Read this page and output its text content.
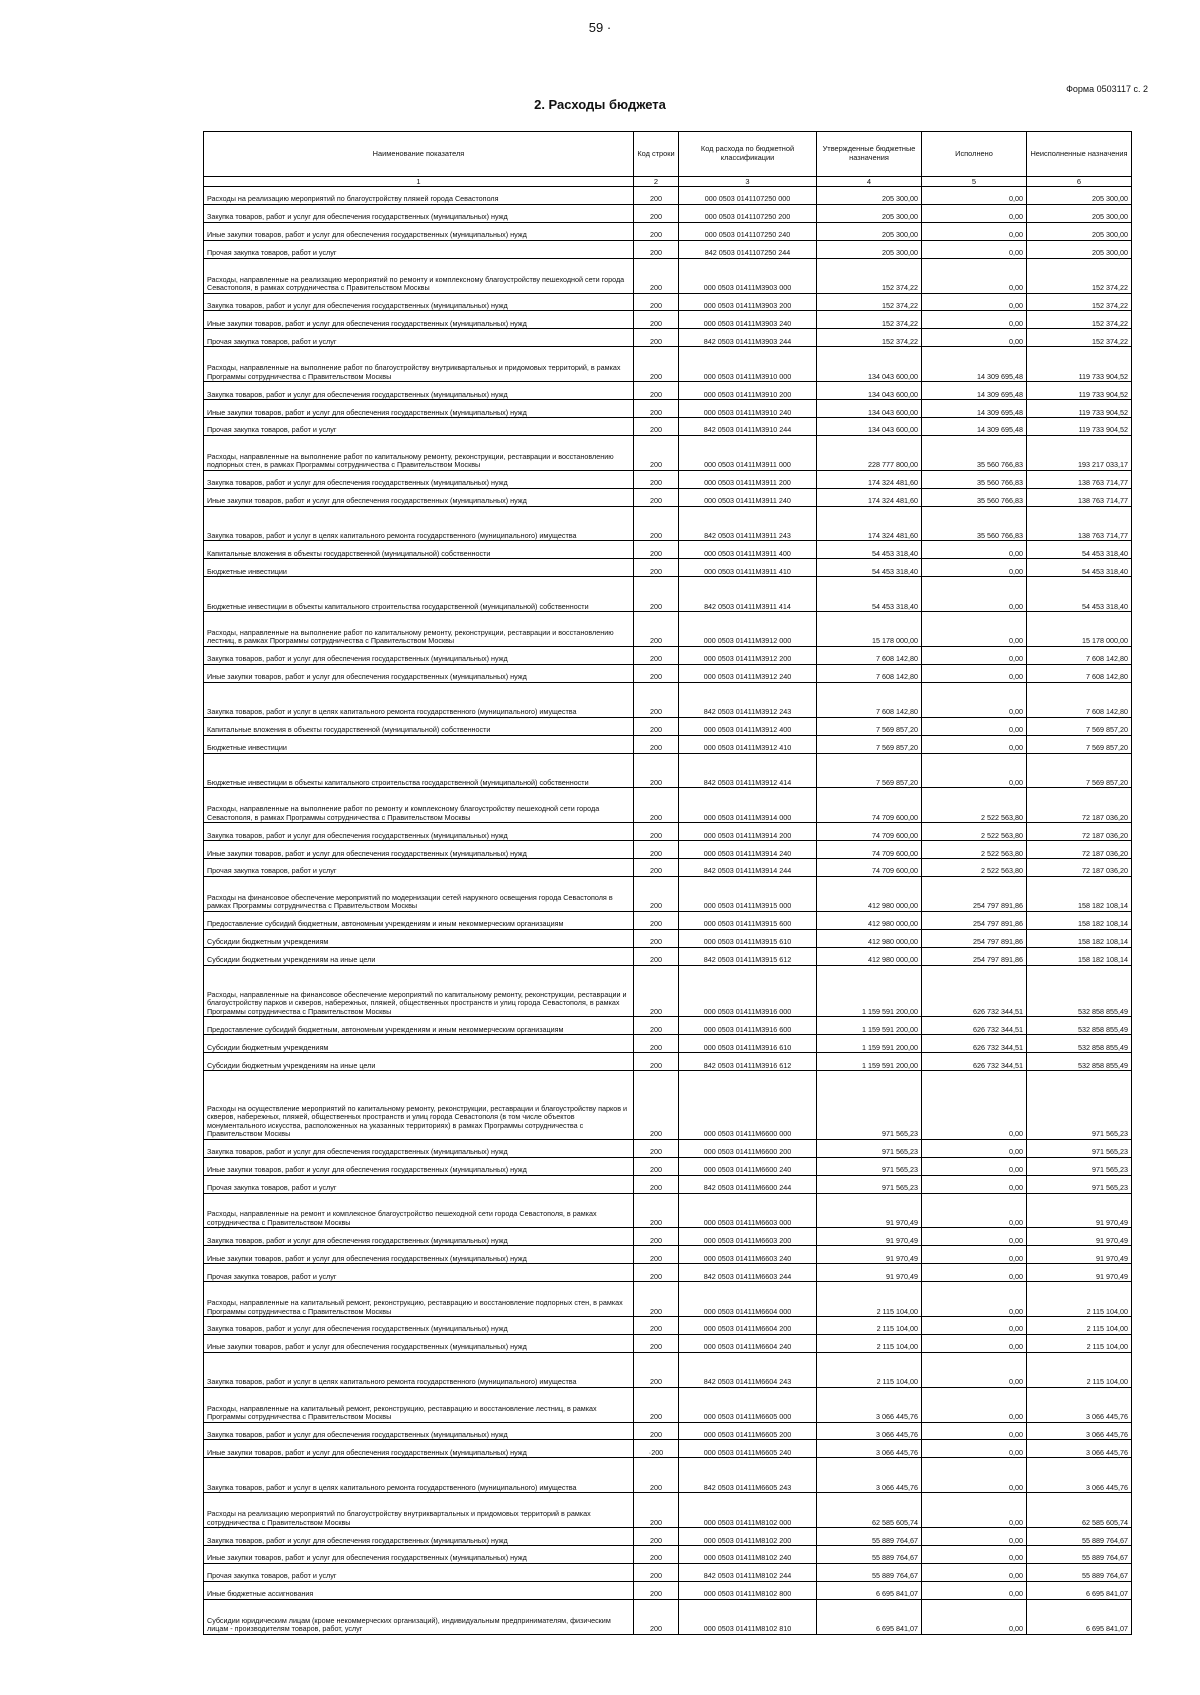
59 ·
Форма 0503117 с. 2
2. Расходы бюджета
Наименование показателя	Код строки	Код расхода по бюджетной классификации	Утвержденные бюджетные назначения	Исполнено	Неисполненные назначения
1	2	3	4	5	6
Расходы на реализацию мероприятий по благоустройству пляжей города Севастополя	200	000 0503 0141107250 000	205 300,00	0,00	205 300,00
Закупка товаров, работ и услуг для обеспечения государственных (муниципальных) нужд	200	000 0503 0141107250 200	205 300,00	0,00	205 300,00
Иные закупки товаров, работ и услуг для обеспечения государственных (муниципальных) нужд	200	000 0503 0141107250 240	205 300,00	0,00	205 300,00
Прочая закупка товаров, работ и услуг	200	842 0503 0141107250 244	205 300,00	0,00	205 300,00
Расходы, направленные на реализацию мероприятий по ремонту и комплексному благоустройству пешеходной сети города Севастополя, в рамках сотрудничества с Правительством Москвы	200	000 0503 01411М3903 000	152 374,22	0,00	152 374,22
Закупка товаров, работ и услуг для обеспечения государственных (муниципальных) нужд	200	000 0503 01411М3903 200	152 374,22	0,00	152 374,22
Иные закупки товаров, работ и услуг для обеспечения государственных (муниципальных) нужд	200	000 0503 01411М3903 240	152 374,22	0,00	152 374,22
Прочая закупка товаров, работ и услуг	200	842 0503 01411М3903 244	152 374,22	0,00	152 374,22
Расходы, направленные на выполнение работ по благоустройству внутриквартальных и придомовых территорий, в рамках Программы сотрудничества с Правительством Москвы	200	000 0503 01411М3910 000	134 043 600,00	14 309 695,48	119 733 904,52
Закупка товаров, работ и услуг для обеспечения государственных (муниципальных) нужд	200	000 0503 01411М3910 200	134 043 600,00	14 309 695,48	119 733 904,52
Иные закупки товаров, работ и услуг для обеспечения государственных (муниципальных) нужд	200	000 0503 01411М3910 240	134 043 600,00	14 309 695,48	119 733 904,52
Прочая закупка товаров, работ и услуг	200	842 0503 01411М3910 244	134 043 600,00	14 309 695,48	119 733 904,52
Расходы, направленные на выполнение работ по капитальному ремонту, реконструкции, реставрации и восстановлению подпорных стен, в рамках Программы сотрудничества с Правительством Москвы	200	000 0503 01411М3911 000	228 777 800,00	35 560 766,83	193 217 033,17
Закупка товаров, работ и услуг для обеспечения государственных (муниципальных) нужд	200	000 0503 01411М3911 200	174 324 481,60	35 560 766,83	138 763 714,77
Иные закупки товаров, работ и услуг для обеспечения государственных (муниципальных) нужд	200	000 0503 01411М3911 240	174 324 481,60	35 560 766,83	138 763 714,77
Закупка товаров, работ и услуг в целях капитального ремонта государственного (муниципального) имущества	200	842 0503 01411М3911 243	174 324 481,60	35 560 766,83	138 763 714,77
Капитальные вложения в объекты государственной (муниципальной) собственности	200	000 0503 01411М3911 400	54 453 318,40	0,00	54 453 318,40
Бюджетные инвестиции	200	000 0503 01411М3911 410	54 453 318,40	0,00	54 453 318,40
Бюджетные инвестиции в объекты капитального строительства государственной (муниципальной) собственности	200	842 0503 01411М3911 414	54 453 318,40	0,00	54 453 318,40
Расходы, направленные на выполнение работ по капитальному ремонту, реконструкции, реставрации и восстановлению лестниц, в рамках Программы сотрудничества с Правительством Москвы	200	000 0503 01411М3912 000	15 178 000,00	0,00	15 178 000,00
Закупка товаров, работ и услуг для обеспечения государственных (муниципальных) нужд	200	000 0503 01411М3912 200	7 608 142,80	0,00	7 608 142,80
Иные закупки товаров, работ и услуг для обеспечения государственных (муниципальных) нужд	200	000 0503 01411М3912 240	7 608 142,80	0,00	7 608 142,80
Закупка товаров, работ и услуг в целях капитального ремонта государственного (муниципального) имущества	200	842 0503 01411М3912 243	7 608 142,80	0,00	7 608 142,80
Капитальные вложения в объекты государственной (муниципальной) собственности	200	000 0503 01411М3912 400	7 569 857,20	0,00	7 569 857,20
Бюджетные инвестиции	200	000 0503 01411М3912 410	7 569 857,20	0,00	7 569 857,20
Бюджетные инвестиции в объекты капитального строительства государственной (муниципальной) собственности	200	842 0503 01411М3912 414	7 569 857,20	0,00	7 569 857,20
Расходы, направленные на выполнение работ по ремонту и комплексному благоустройству пешеходной сети города Севастополя, в рамках Программы сотрудничества с Правительством Москвы	200	000 0503 01411М3914 000	74 709 600,00	2 522 563,80	72 187 036,20
Закупка товаров, работ и услуг для обеспечения государственных (муниципальных) нужд	200	000 0503 01411М3914 200	74 709 600,00	2 522 563,80	72 187 036,20
Иные закупки товаров, работ и услуг для обеспечения государственных (муниципальных) нужд	200	000 0503 01411М3914 240	74 709 600,00	2 522 563,80	72 187 036,20
Прочая закупка товаров, работ и услуг	200	842 0503 01411М3914 244	74 709 600,00	2 522 563,80	72 187 036,20
Расходы на финансовое обеспечение мероприятий по модернизации сетей наружного освещения города Севастополя в рамках Программы сотрудничества с Правительством Москвы	200	000 0503 01411М3915 000	412 980 000,00	254 797 891,86	158 182 108,14
Предоставление субсидий бюджетным, автономным учреждениям и иным некоммерческим организациям	200	000 0503 01411М3915 600	412 980 000,00	254 797 891,86	158 182 108,14
Субсидии бюджетным учреждениям	200	000 0503 01411М3915 610	412 980 000,00	254 797 891,86	158 182 108,14
Субсидии бюджетным учреждениям на иные цели	200	842 0503 01411М3915 612	412 980 000,00	254 797 891,86	158 182 108,14
Расходы, направленные на финансовое обеспечение мероприятий по капитальному ремонту, реконструкции, реставрации и благоустройству парков и скверов, набережных, пляжей, общественных пространств и улиц города Севастополя, в рамках Программы сотрудничества с Правительством Москвы	200	000 0503 01411М3916 000	1 159 591 200,00	626 732 344,51	532 858 855,49
Предоставление субсидий бюджетным, автономным учреждениям и иным некоммерческим организациям	200	000 0503 01411М3916 600	1 159 591 200,00	626 732 344,51	532 858 855,49
Субсидии бюджетным учреждениям	200	000 0503 01411М3916 610	1 159 591 200,00	626 732 344,51	532 858 855,49
Субсидии бюджетным учреждениям на иные цели	200	842 0503 01411М3916 612	1 159 591 200,00	626 732 344,51	532 858 855,49
Расходы на осуществление мероприятий по капитальному ремонту, реконструкции, реставрации и благоустройству парков и скверов, набережных, пляжей, общественных пространств и улиц города Севастополя (в том числе объектов монументального искусства, расположенных на указанных территориях) в рамках Программы сотрудничества с Правительством Москвы	200	000 0503 01411М6600 000	971 565,23	0,00	971 565,23
Закупка товаров, работ и услуг для обеспечения государственных (муниципальных) нужд	200	000 0503 01411М6600 200	971 565,23	0,00	971 565,23
Иные закупки товаров, работ и услуг для обеспечения государственных (муниципальных) нужд	200	000 0503 01411М6600 240	971 565,23	0,00	971 565,23
Прочая закупка товаров, работ и услуг	200	842 0503 01411М6600 244	971 565,23	0,00	971 565,23
Расходы, направленные на ремонт и комплексное благоустройство пешеходной сети города Севастополя, в рамках сотрудничества с Правительством Москвы	200	000 0503 01411М6603 000	91 970,49	0,00	91 970,49
Закупка товаров, работ и услуг для обеспечения государственных (муниципальных) нужд	200	000 0503 01411М6603 200	91 970,49	0,00	91 970,49
Иные закупки товаров, работ и услуг для обеспечения государственных (муниципальных) нужд	200	000 0503 01411М6603 240	91 970,49	0,00	91 970,49
Прочая закупка товаров, работ и услуг	200	842 0503 01411М6603 244	91 970,49	0,00	91 970,49
Расходы, направленные на капитальный ремонт, реконструкцию, реставрацию и восстановление подпорных стен, в рамках Программы сотрудничества с Правительством Москвы	200	000 0503 01411М6604 000	2 115 104,00	0,00	2 115 104,00
Закупка товаров, работ и услуг для обеспечения государственных (муниципальных) нужд	200	000 0503 01411М6604 200	2 115 104,00	0,00	2 115 104,00
Иные закупки товаров, работ и услуг для обеспечения государственных (муниципальных) нужд	200	000 0503 01411М6604 240	2 115 104,00	0,00	2 115 104,00
Закупка товаров, работ и услуг в целях капитального ремонта государственного (муниципального) имущества	200	842 0503 01411М6604 243	2 115 104,00	0,00	2 115 104,00
Расходы, направленные на капитальный ремонт, реконструкцию, реставрацию и восстановление лестниц, в рамках Программы сотрудничества с Правительством Москвы	200	000 0503 01411М6605 000	3 066 445,76	0,00	3 066 445,76
Закупка товаров, работ и услуг для обеспечения государственных (муниципальных) нужд	200	000 0503 01411М6605 200	3 066 445,76	0,00	3 066 445,76
Иные закупки товаров, работ и услуг для обеспечения государственных (муниципальных) нужд	·200	000 0503 01411М6605 240	3 066 445,76	0,00	3 066 445,76
Закупка товаров, работ и услуг в целях капитального ремонта государственного (муниципального) имущества	200	842 0503 01411М6605 243	3 066 445,76	0,00	3 066 445,76
Расходы на реализацию мероприятий по благоустройству внутриквартальных и придомовых территорий в рамках сотрудничества с Правительством Москвы	200	000 0503 01411М8102 000	62 585 605,74	0,00	62 585 605,74
Закупка товаров, работ и услуг для обеспечения государственных (муниципальных) нужд	200	000 0503 01411М8102 200	55 889 764,67	0,00	55 889 764,67
Иные закупки товаров, работ и услуг для обеспечения государственных (муниципальных) нужд	200	000 0503 01411М8102 240	55 889 764,67	0,00	55 889 764,67
Прочая закупка товаров, работ и услуг	200	842 0503 01411М8102 244	55 889 764,67	0,00	55 889 764,67
Иные бюджетные ассигнования	200	000 0503 01411М8102 800	6 695 841,07	0,00	6 695 841,07
Субсидии юридическим лицам (кроме некоммерческих организаций), индивидуальным предпринимателям, физическим лицам - производителям товаров, работ, услуг	200	000 0503 01411М8102 810	6 695 841,07	0,00	6 695 841,07
